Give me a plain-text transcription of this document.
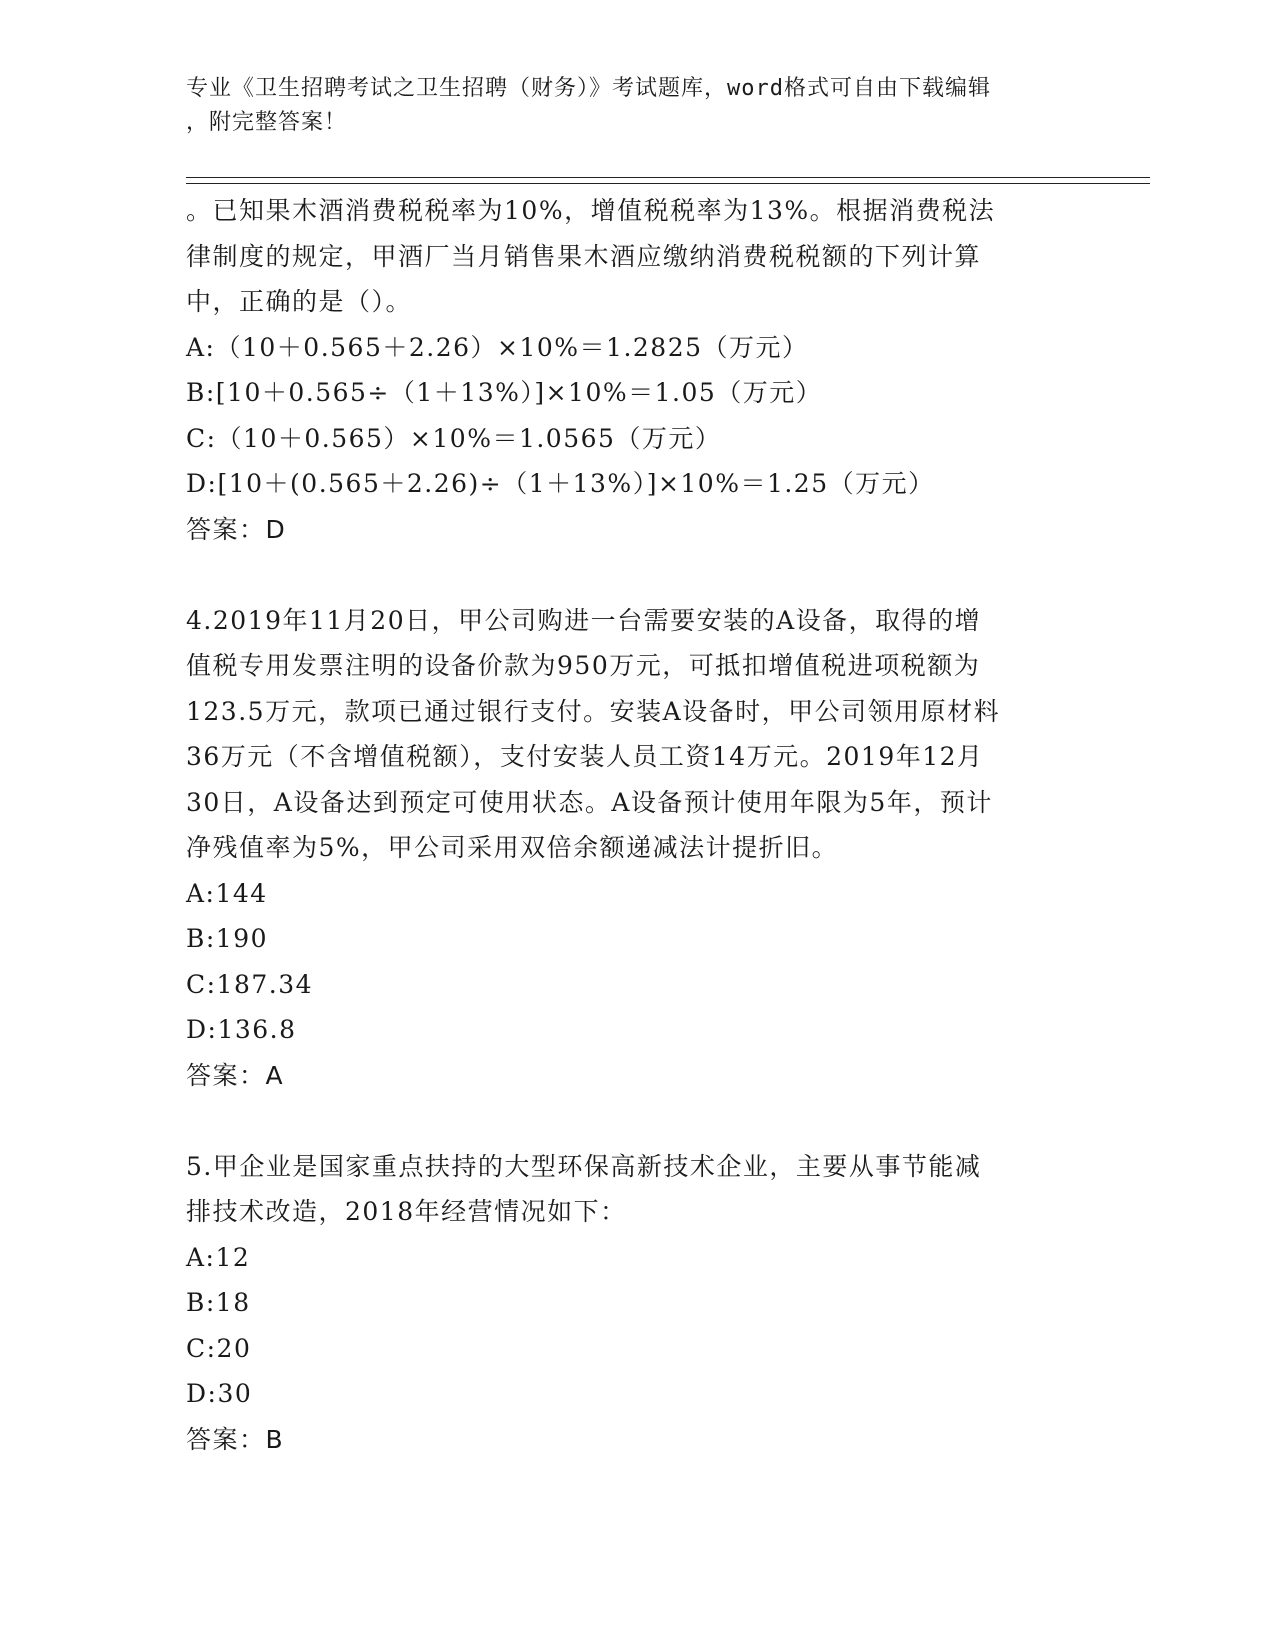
专业《卫生招聘考试之卫生招聘（财务）》考试题库，word格式可自由下载编辑
，附完整答案！
。已知果木酒消费税税率为10%，增值税税率为13%。根据消费税法
律制度的规定，甲酒厂当月销售果木酒应缴纳消费税税额的下列计算
中，正确的是（）。
A:（10＋0.565＋2.26）×10%＝1.2825（万元）
B:[10＋0.565÷（1＋13%）]×10%＝1.05（万元）
C:（10＋0.565）×10%＝1.0565（万元）
D:[10＋(0.565＋2.26)÷（1＋13%）]×10%＝1.25（万元）
答案：D
4.2019年11月20日，甲公司购进一台需要安装的A设备，取得的增
值税专用发票注明的设备价款为950万元，可抵扣增值税进项税额为
123.5万元，款项已通过银行支付。安装A设备时，甲公司领用原材料
36万元（不含增值税额），支付安装人员工资14万元。2019年12月
30日，A设备达到预定可使用状态。A设备预计使用年限为5年，预计
净残值率为5%，甲公司采用双倍余额递减法计提折旧。
A:144
B:190
C:187.34
D:136.8
答案：A
5.甲企业是国家重点扶持的大型环保高新技术企业，主要从事节能减
排技术改造，2018年经营情况如下：
A:12
B:18
C:20
D:30
答案：B
